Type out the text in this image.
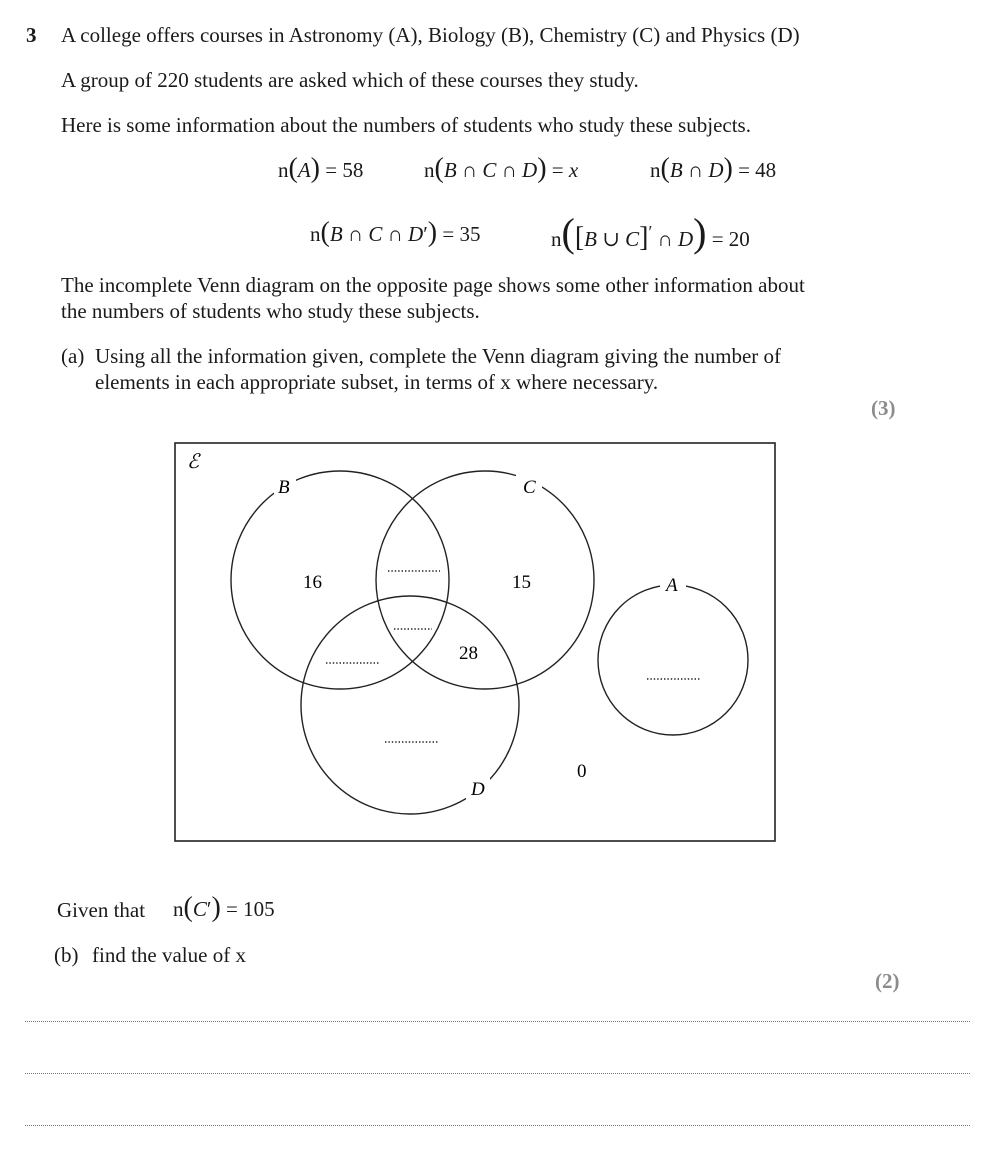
3 A college offers courses in Astronomy (A), Biology (B), Chemistry (C) and Physics (D)
A group of 220 students are asked which of these courses they study.
Here is some information about the numbers of students who study these subjects.
n(A) = 58	n(B ∩ C ∩ D) = x	n(B ∩ D) = 48
n(B ∩ C ∩ D′) = 35	n([B ∪ C]′ ∩ D) = 20
The incomplete Venn diagram on the opposite page shows some other information about
the numbers of students who study these subjects.
(a) Using all the information given, complete the Venn diagram giving the number of
elements in each appropriate subset, in terms of x where necessary.
(3)
ℰ
B	C
D
A
16	15
28
0
Given that n(C′) = 105
(b) find the value of x
(2)
